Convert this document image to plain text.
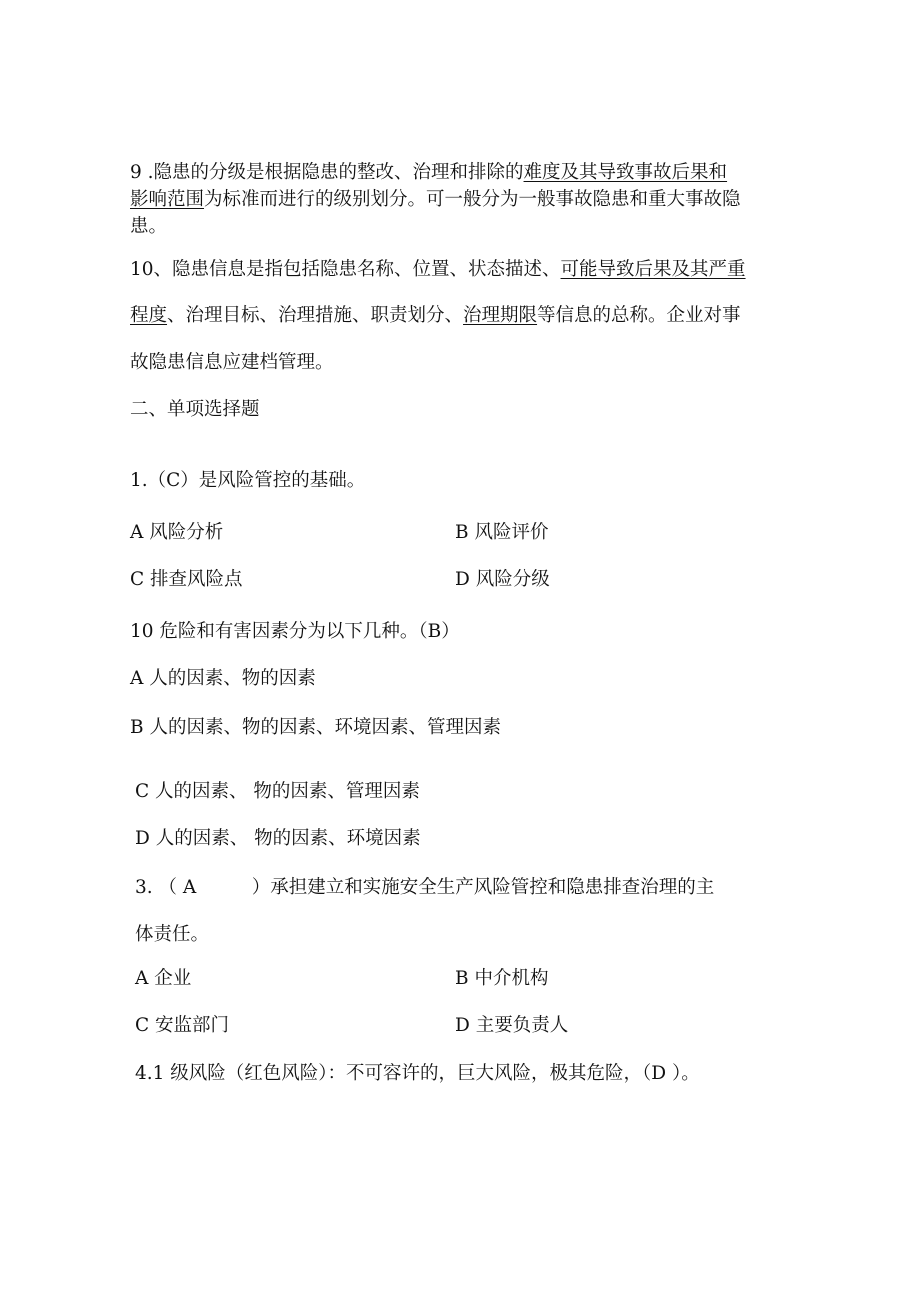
9 .隐患的分级是根据隐患的整改、治理和排除的难度及其导致事故后果和
影响范围为标准而进行的级别划分。可一般分为一般事故隐患和重大事故隐
患。
10、隐患信息是指包括隐患名称、位置、状态描述、可能导致后果及其严重
程度、治理目标、治理措施、职责划分、治理期限等信息的总称。企业对事
故隐患信息应建档管理。
二、单项选择题
1.（C）是风险管控的基础。
A 风险分析	B 风险评价
C 排查风险点	D 风险分级
10 危险和有害因素分为以下几种。（B）
A 人的因素、物的因素
B 人的因素、物的因素、环境因素、管理因素
C 人的因素、 物的因素、管理因素
D 人的因素、 物的因素、环境因素
3. （ A　　　）承担建立和实施安全生产风险管控和隐患排查治理的主
体责任。
A 企业	B 中介机构
C 安监部门	D 主要负责人
4.1 级风险（红色风险）：不可容许的，巨大风险，极其危险，（D ）。
